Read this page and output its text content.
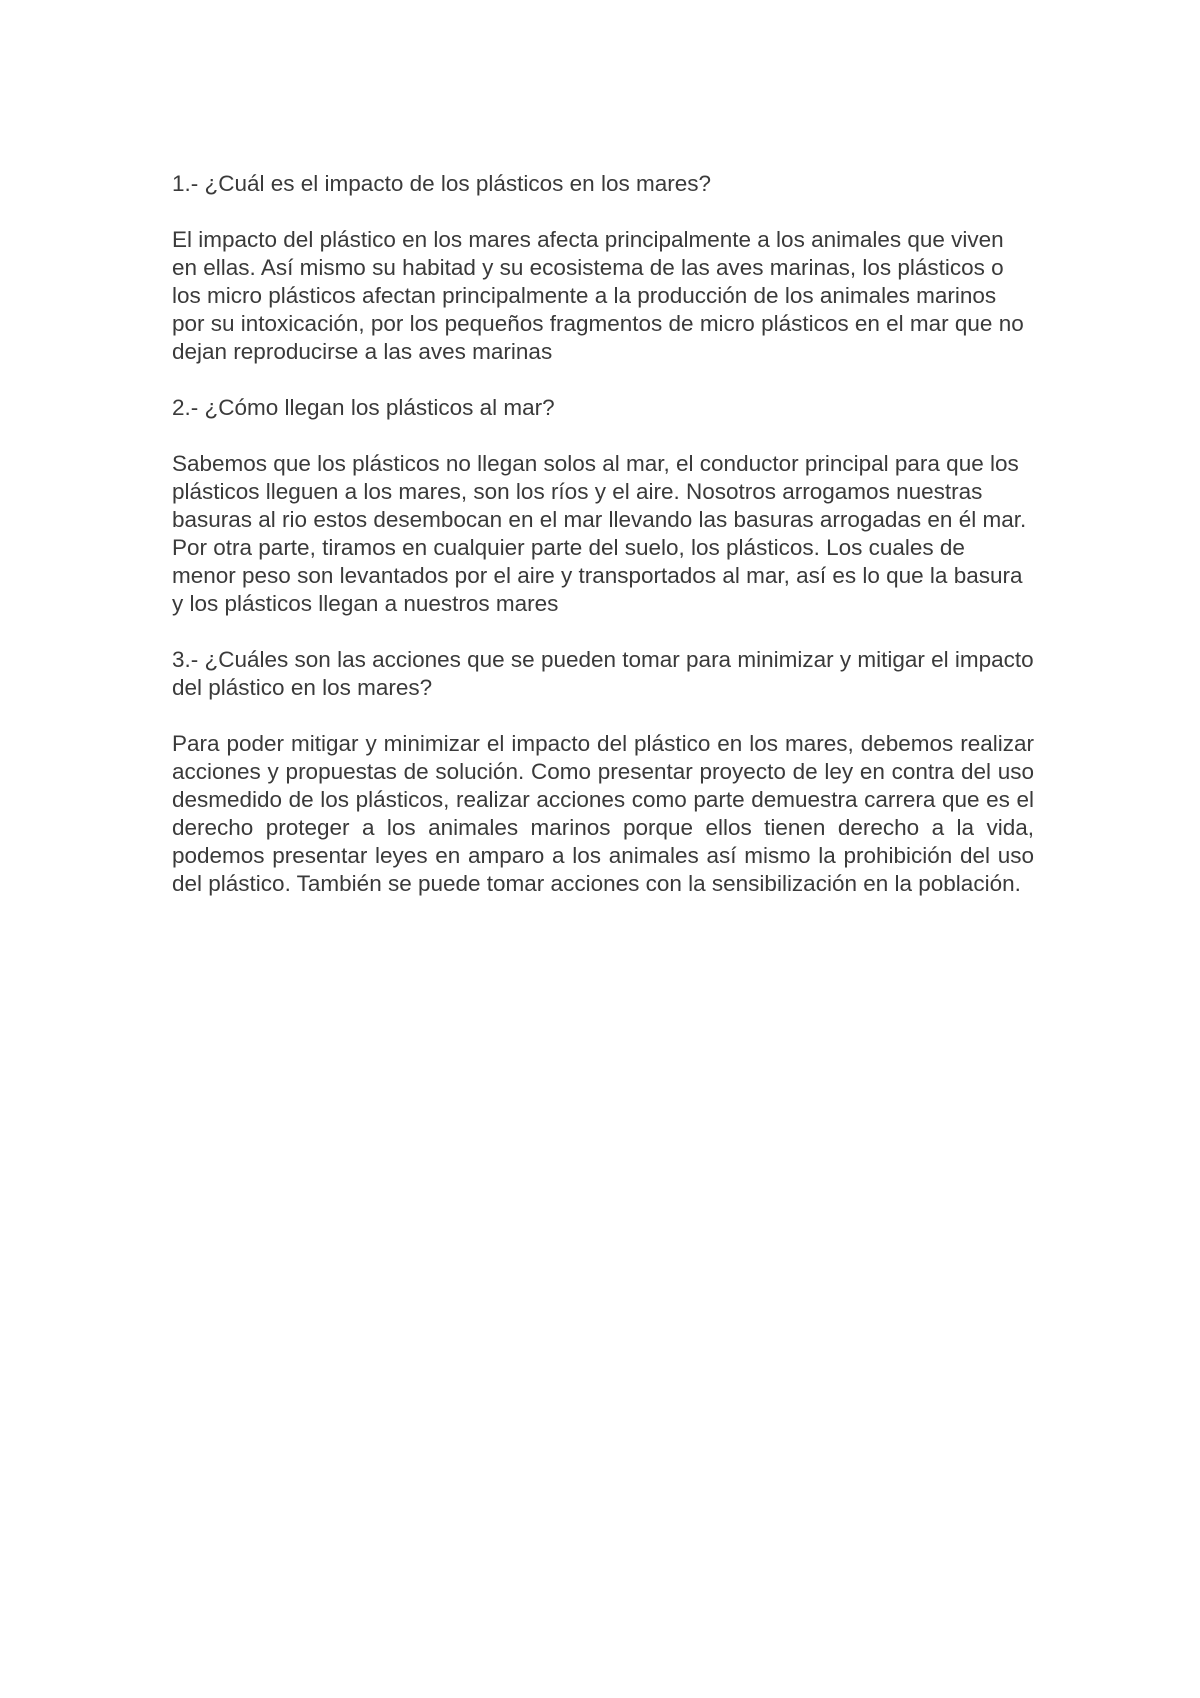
1.- ¿Cuál es el impacto de los plásticos en los mares?

El impacto del plástico en los mares afecta principalmente a los animales que viven en ellas. Así mismo su habitad y su ecosistema de las aves marinas, los plásticos o los micro plásticos afectan principalmente a la producción de los animales marinos por su intoxicación, por los pequeños fragmentos de micro plásticos en el mar que no dejan reproducirse a las aves marinas

2.- ¿Cómo llegan los plásticos al mar?

Sabemos que los plásticos no llegan solos al mar, el conductor principal para que los plásticos lleguen a los mares, son los ríos y el aire. Nosotros arrogamos nuestras basuras al rio estos desembocan en el mar llevando las basuras arrogadas en él mar. Por otra parte, tiramos en cualquier parte del suelo, los plásticos. Los cuales de menor peso son levantados por el aire y transportados al mar, así es lo que la basura y los plásticos llegan a nuestros mares

3.- ¿Cuáles son las acciones que se pueden tomar para minimizar y mitigar el impacto del plástico en los mares?

Para poder mitigar y minimizar el impacto del plástico en los mares, debemos realizar acciones y propuestas de solución. Como presentar proyecto de ley en contra del uso desmedido de los plásticos, realizar acciones como parte demuestra carrera que es el derecho proteger a los animales marinos porque ellos tienen derecho a la vida, podemos presentar leyes en amparo a los animales así mismo la prohibición del uso del plástico. También se puede tomar acciones con la sensibilización en la población.
